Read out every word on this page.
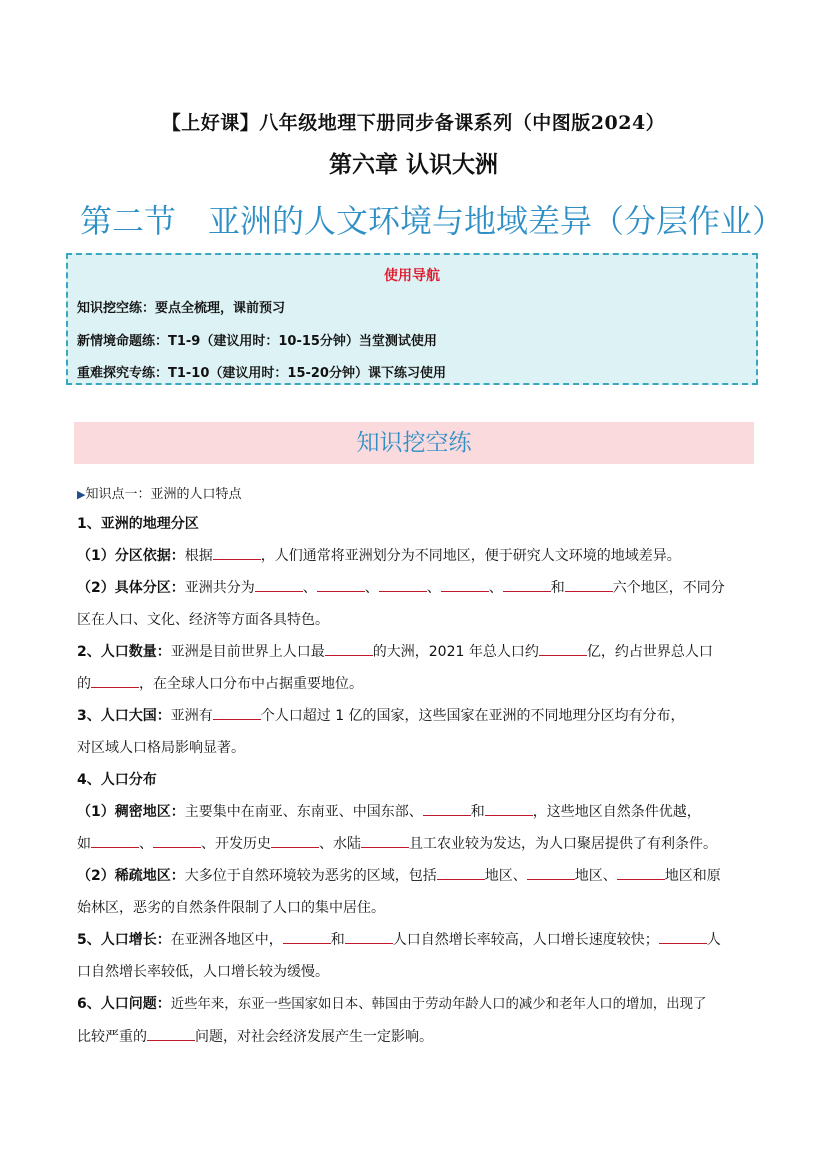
【上好课】八年级地理下册同步备课系列（中图版2024）
第六章 认识大洲
第二节　亚洲的人文环境与地域差异（分层作业）
使用导航
知识挖空练：要点全梳理，课前预习
新情境命题练：T1-9（建议用时：10-15分钟）当堂测试使用
重难探究专练：T1-10（建议用时：15-20分钟）课下练习使用
知识挖空练

▶知识点一：亚洲的人口特点

1、亚洲的地理分区

（1）分区依据：根据	，人们通常将亚洲划分为不同地区，便于研究人文环境的地域差异。

（2）具体分区：亚洲共分为	、	、	、	、	和	六个地区，不同分

区在人口、文化、经济等方面各具特色。

2、人口数量：亚洲是目前世界上人口最	的大洲，2021 年总人口约	亿，约占世界总人口

的	，在全球人口分布中占据重要地位。

3、人口大国：亚洲有	个人口超过 1 亿的国家，这些国家在亚洲的不同地理分区均有分布，

对区域人口格局影响显著。

4、人口分布

（1）稠密地区：主要集中在南亚、东南亚、中国东部、	和	，这些地区自然条件优越，

如	、	、开发历史	、水陆	且工农业较为发达，为人口聚居提供了有利条件。

（2）稀疏地区：大多位于自然环境较为恶劣的区域，包括	地区、	地区、	地区和原

始林区，恶劣的自然条件限制了人口的集中居住。

5、人口增长：在亚洲各地区中，	和	人口自然增长率较高，人口增长速度较快；	人

口自然增长率较低，人口增长较为缓慢。

6、人口问题：近些年来，东亚一些国家如日本、韩国由于劳动年龄人口的减少和老年人口的增加，出现了

比较严重的	问题，对社会经济发展产生一定影响。
